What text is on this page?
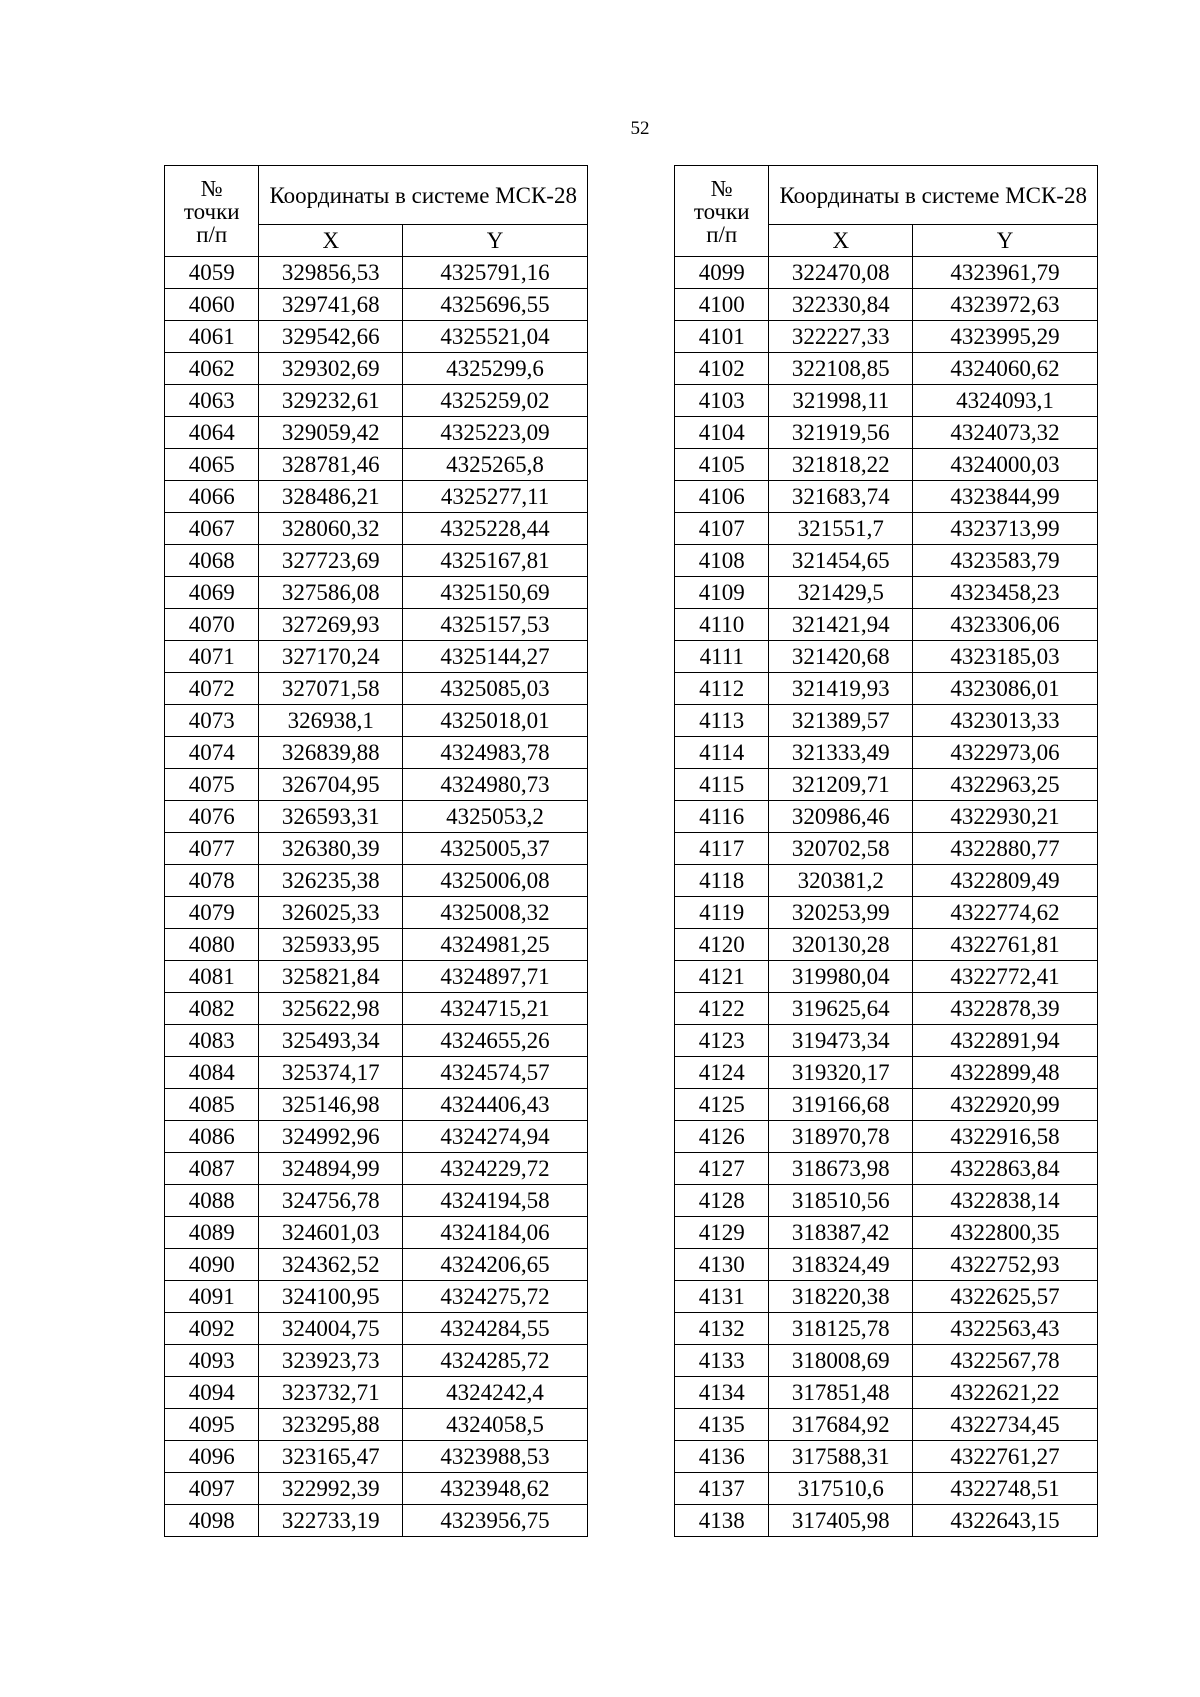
52
№
точки
п/п	Координаты в системе МСК-28	
	X	Y
4059	329856,53	4325791,16
4060	329741,68	4325696,55
4061	329542,66	4325521,04
4062	329302,69	4325299,6
4063	329232,61	4325259,02
4064	329059,42	4325223,09
4065	328781,46	4325265,8
4066	328486,21	4325277,11
4067	328060,32	4325228,44
4068	327723,69	4325167,81
4069	327586,08	4325150,69
4070	327269,93	4325157,53
4071	327170,24	4325144,27
4072	327071,58	4325085,03
4073	326938,1	4325018,01
4074	326839,88	4324983,78
4075	326704,95	4324980,73
4076	326593,31	4325053,2
4077	326380,39	4325005,37
4078	326235,38	4325006,08
4079	326025,33	4325008,32
4080	325933,95	4324981,25
4081	325821,84	4324897,71
4082	325622,98	4324715,21
4083	325493,34	4324655,26
4084	325374,17	4324574,57
4085	325146,98	4324406,43
4086	324992,96	4324274,94
4087	324894,99	4324229,72
4088	324756,78	4324194,58
4089	324601,03	4324184,06
4090	324362,52	4324206,65
4091	324100,95	4324275,72
4092	324004,75	4324284,55
4093	323923,73	4324285,72
4094	323732,71	4324242,4
4095	323295,88	4324058,5
4096	323165,47	4323988,53
4097	322992,39	4323948,62
4098	322733,19	4323956,75
№
точки
п/п	Координаты в системе МСК-28	
	X	Y
4099	322470,08	4323961,79
4100	322330,84	4323972,63
4101	322227,33	4323995,29
4102	322108,85	4324060,62
4103	321998,11	4324093,1
4104	321919,56	4324073,32
4105	321818,22	4324000,03
4106	321683,74	4323844,99
4107	321551,7	4323713,99
4108	321454,65	4323583,79
4109	321429,5	4323458,23
4110	321421,94	4323306,06
4111	321420,68	4323185,03
4112	321419,93	4323086,01
4113	321389,57	4323013,33
4114	321333,49	4322973,06
4115	321209,71	4322963,25
4116	320986,46	4322930,21
4117	320702,58	4322880,77
4118	320381,2	4322809,49
4119	320253,99	4322774,62
4120	320130,28	4322761,81
4121	319980,04	4322772,41
4122	319625,64	4322878,39
4123	319473,34	4322891,94
4124	319320,17	4322899,48
4125	319166,68	4322920,99
4126	318970,78	4322916,58
4127	318673,98	4322863,84
4128	318510,56	4322838,14
4129	318387,42	4322800,35
4130	318324,49	4322752,93
4131	318220,38	4322625,57
4132	318125,78	4322563,43
4133	318008,69	4322567,78
4134	317851,48	4322621,22
4135	317684,92	4322734,45
4136	317588,31	4322761,27
4137	317510,6	4322748,51
4138	317405,98	4322643,15
